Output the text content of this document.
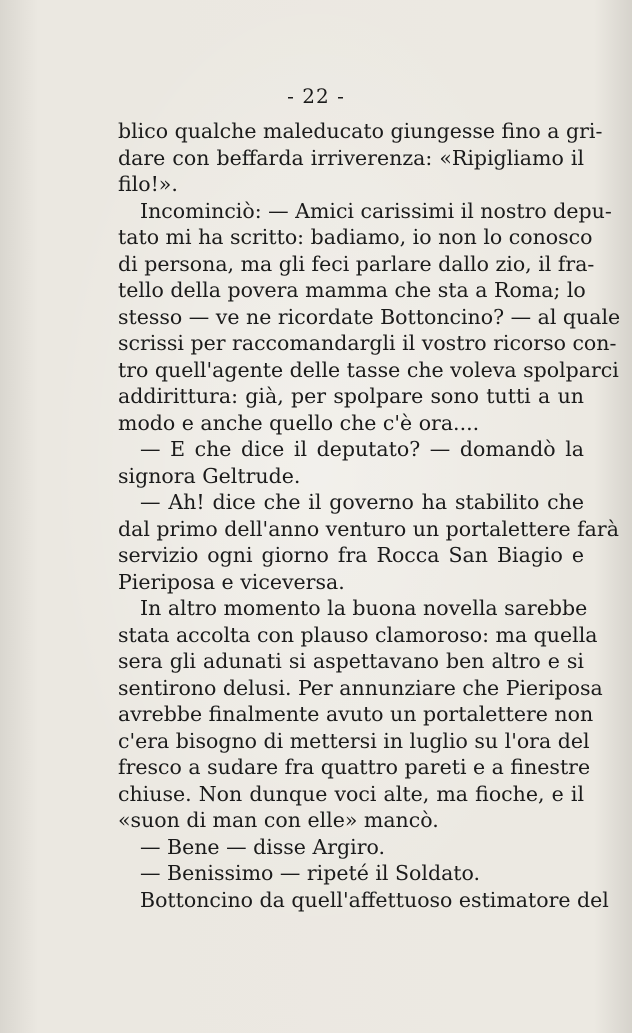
- 22 -
blico qualche maleducato giungesse fino a gri-
dare con beffarda irriverenza: «Ripigliamo il
filo!».
Incominciò: — Amici carissimi il nostro depu-
tato mi ha scritto: badiamo, io non lo conosco
di persona, ma gli feci parlare dallo zio, il fra-
tello della povera mamma che sta a Roma; lo
stesso — ve ne ricordate Bottoncino? — al quale
scrissi per raccomandargli il vostro ricorso con-
tro quell'agente delle tasse che voleva spolparci
addirittura: già, per spolpare sono tutti a un
modo e anche quello che c'è ora....
— E che dice il deputato? — domandò la
signora Geltrude.
— Ah! dice che il governo ha stabilito che
dal primo dell'anno venturo un portalettere farà
servizio ogni giorno fra Rocca San Biagio e
Pieriposa e viceversa.
In altro momento la buona novella sarebbe
stata accolta con plauso clamoroso: ma quella
sera gli adunati si aspettavano ben altro e si
sentirono delusi. Per annunziare che Pieriposa
avrebbe finalmente avuto un portalettere non
c'era bisogno di mettersi in luglio su l'ora del
fresco a sudare fra quattro pareti e a finestre
chiuse. Non dunque voci alte, ma fioche, e il
«suon di man con elle» mancò.
— Bene — disse Argiro.
— Benissimo — ripeté il Soldato.
Bottoncino da quell'affettuoso estimatore del
